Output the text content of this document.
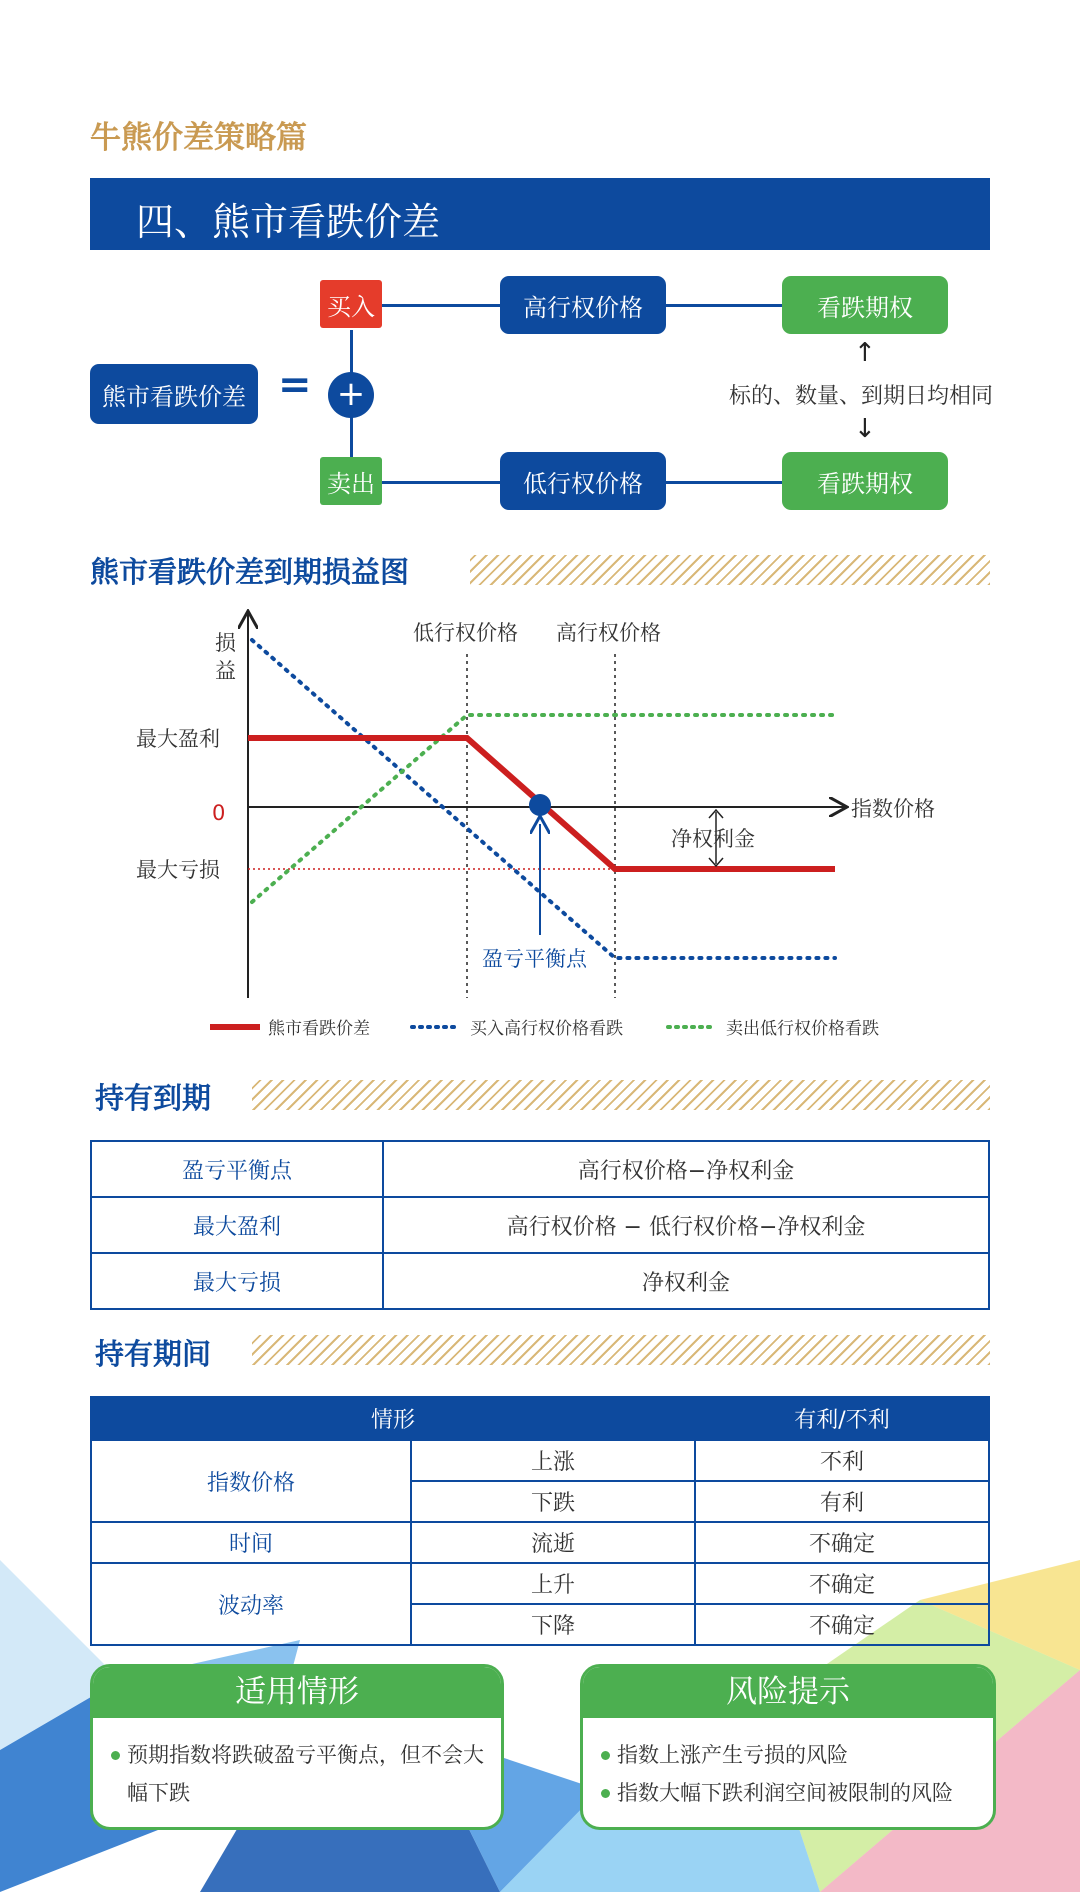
牛熊价差策略篇
四、熊市看跌价差
熊市看跌价差 = +
买入
卖出
高行权价格
低行权价格
看跌期权
看跌期权
↑
标的、数量、到期日均相同
↓
熊市看跌价差到期损益图
损
益
低行权价格 高行权价格
最大盈利
0
最大亏损
指数价格
净权利金
盈亏平衡点
熊市看跌价差	买入高行权价格看跌	卖出低行权价格看跌
持有到期
盈亏平衡点	高行权价格−净权利金
最大盈利	高行权价格 − 低行权价格−净权利金
最大亏损	净权利金
持有期间
情形		有利/不利
指数价格	上涨	不利
	下跌	有利
时间	流逝	不确定
波动率	上升	不确定
	下降	不确定
适用情形
预期指数将跌破盈亏平衡点，但不会大幅下跌
风险提示
指数上涨产生亏损的风险
指数大幅下跌利润空间被限制的风险
